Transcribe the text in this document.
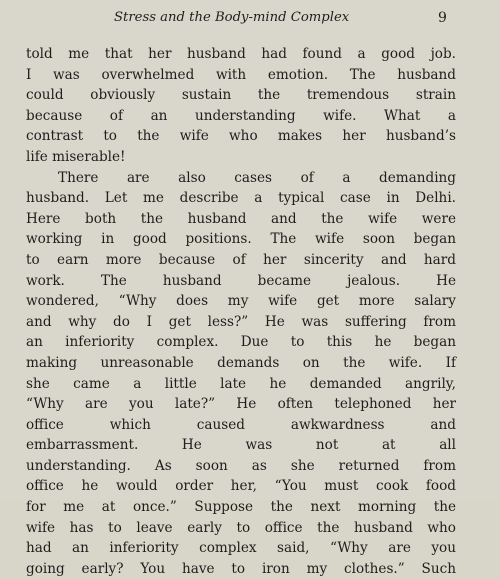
Stress and the Body-mind Complex	9
told me that her husband had found a good job.
I was overwhelmed with emotion. The husband
could obviously sustain the tremendous strain
because of an understanding wife. What a
contrast to the wife who makes her husband’s
life miserable!
There are also cases of a demanding
husband. Let me describe a typical case in Delhi.
Here both the husband and the wife were
working in good positions. The wife soon began
to earn more because of her sincerity and hard
work. The husband became jealous. He
wondered, “Why does my wife get more salary
and why do I get less?” He was suffering from
an inferiority complex. Due to this he began
making unreasonable demands on the wife. If
she came a little late he demanded angrily,
“Why are you late?” He often telephoned her
office which caused awkwardness and
embarrassment. He was not at all
understanding. As soon as she returned from
office he would order her, “You must cook food
for me at once.” Suppose the next morning the
wife has to leave early to office the husband who
had an inferiority complex said, “Why are you
going early? You have to iron my clothes.” Such
